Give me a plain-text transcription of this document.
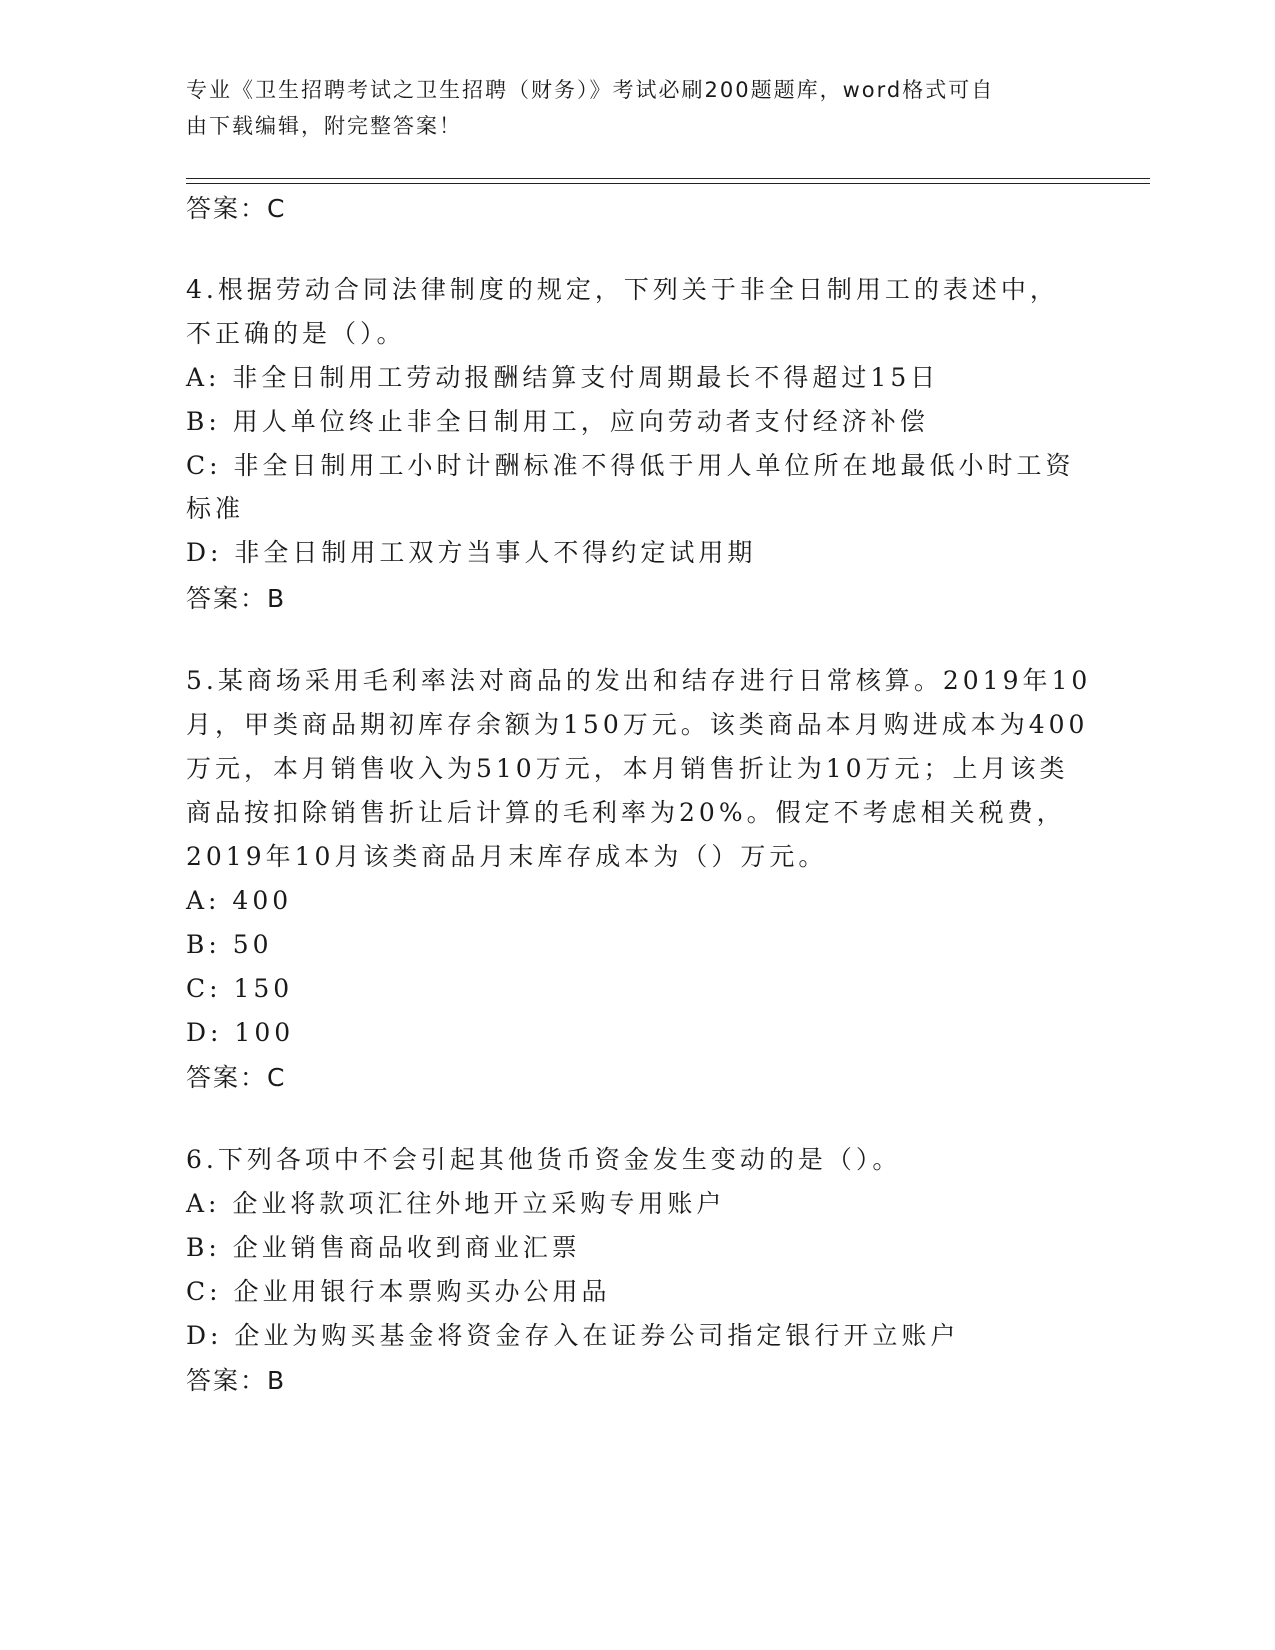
专业《卫生招聘考试之卫生招聘（财务）》考试必刷200题题库，word格式可自
由下载编辑，附完整答案！
答案：C
4.根据劳动合同法律制度的规定，下列关于非全日制用工的表述中，
不正确的是（）。
A: 非全日制用工劳动报酬结算支付周期最长不得超过15日
B: 用人单位终止非全日制用工，应向劳动者支付经济补偿
C: 非全日制用工小时计酬标准不得低于用人单位所在地最低小时工资
标准
D: 非全日制用工双方当事人不得约定试用期
答案：B
5.某商场采用毛利率法对商品的发出和结存进行日常核算。2019年10
月，甲类商品期初库存余额为150万元。该类商品本月购进成本为400
万元，本月销售收入为510万元，本月销售折让为10万元；上月该类
商品按扣除销售折让后计算的毛利率为20%。假定不考虑相关税费，
2019年10月该类商品月末库存成本为（）万元。
A: 400
B: 50
C: 150
D: 100
答案：C
6.下列各项中不会引起其他货币资金发生变动的是（）。
A: 企业将款项汇往外地开立采购专用账户
B: 企业销售商品收到商业汇票
C: 企业用银行本票购买办公用品
D: 企业为购买基金将资金存入在证券公司指定银行开立账户
答案：B
